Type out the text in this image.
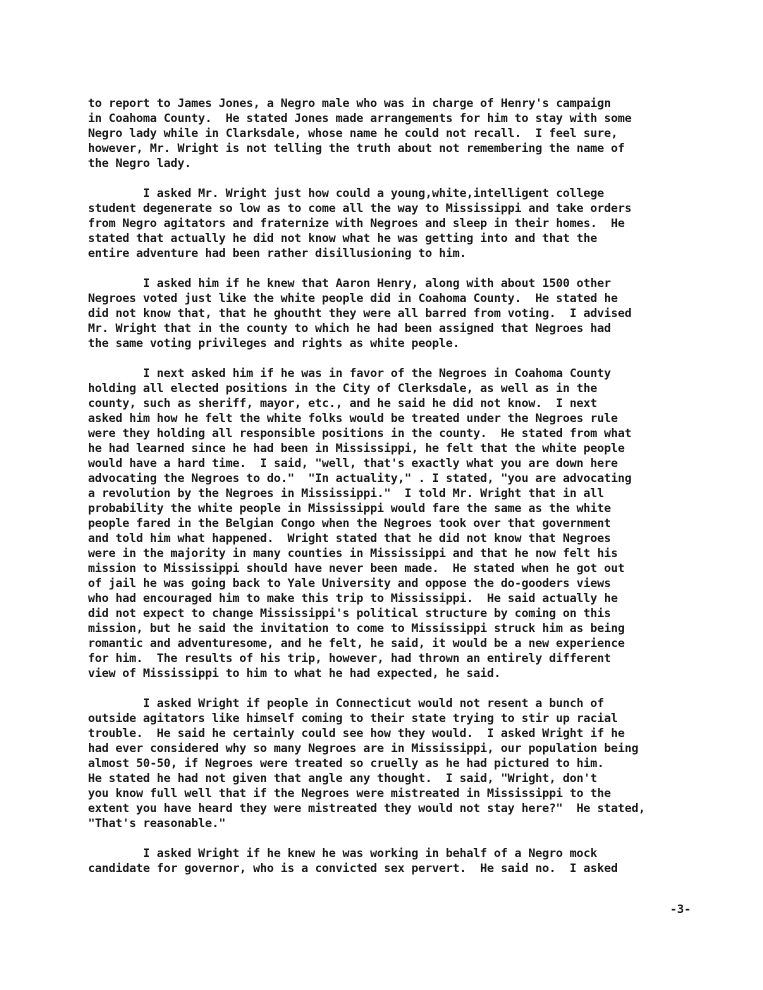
to report to James Jones, a Negro male who was in charge of Henry's campaign
in Coahoma County.  He stated Jones made arrangements for him to stay with some
Negro lady while in Clarksdale, whose name he could not recall.  I feel sure,
however, Mr. Wright is not telling the truth about not remembering the name of
the Negro lady.
I asked Mr. Wright just how could a young,white,intelligent college
student degenerate so low as to come all the way to Mississippi and take orders
from Negro agitators and fraternize with Negroes and sleep in their homes.  He
stated that actually he did not know what he was getting into and that the
entire adventure had been rather disillusioning to him.
I asked him if he knew that Aaron Henry, along with about 1500 other
Negroes voted just like the white people did in Coahoma County.  He stated he
did not know that, that he ghoutht they were all barred from voting.  I advised
Mr. Wright that in the county to which he had been assigned that Negroes had
the same voting privileges and rights as white people.
I next asked him if he was in favor of the Negroes in Coahoma County
holding all elected positions in the City of Clerksdale, as well as in the
county, such as sheriff, mayor, etc., and he said he did not know.  I next
asked him how he felt the white folks would be treated under the Negroes rule
were they holding all responsible positions in the county.  He stated from what
he had learned since he had been in Mississippi, he felt that the white people
would have a hard time.  I said, "well, that's exactly what you are down here
advocating the Negroes to do."  "In actuality," . I stated, "you are advocating
a revolution by the Negroes in Mississippi."  I told Mr. Wright that in all
probability the white people in Mississippi would fare the same as the white
people fared in the Belgian Congo when the Negroes took over that government
and told him what happened.  Wright stated that he did not know that Negroes
were in the majority in many counties in Mississippi and that he now felt his
mission to Mississippi should have never been made.  He stated when he got out
of jail he was going back to Yale University and oppose the do-gooders views
who had encouraged him to make this trip to Mississippi.  He said actually he
did not expect to change Mississippi's political structure by coming on this
mission, but he said the invitation to come to Mississippi struck him as being
romantic and adventuresome, and he felt, he said, it would be a new experience
for him.  The results of his trip, however, had thrown an entirely different
view of Mississippi to him to what he had expected, he said.
I asked Wright if people in Connecticut would not resent a bunch of
outside agitators like himself coming to their state trying to stir up racial
trouble.  He said he certainly could see how they would.  I asked Wright if he
had ever considered why so many Negroes are in Mississippi, our population being
almost 50-50, if Negroes were treated so cruelly as he had pictured to him.
He stated he had not given that angle any thought.  I said, "Wright, don't
you know full well that if the Negroes were mistreated in Mississippi to the
extent you have heard they were mistreated they would not stay here?"  He stated,
"That's reasonable."
I asked Wright if he knew he was working in behalf of a Negro mock
candidate for governor, who is a convicted sex pervert.  He said no.  I asked
-3-
